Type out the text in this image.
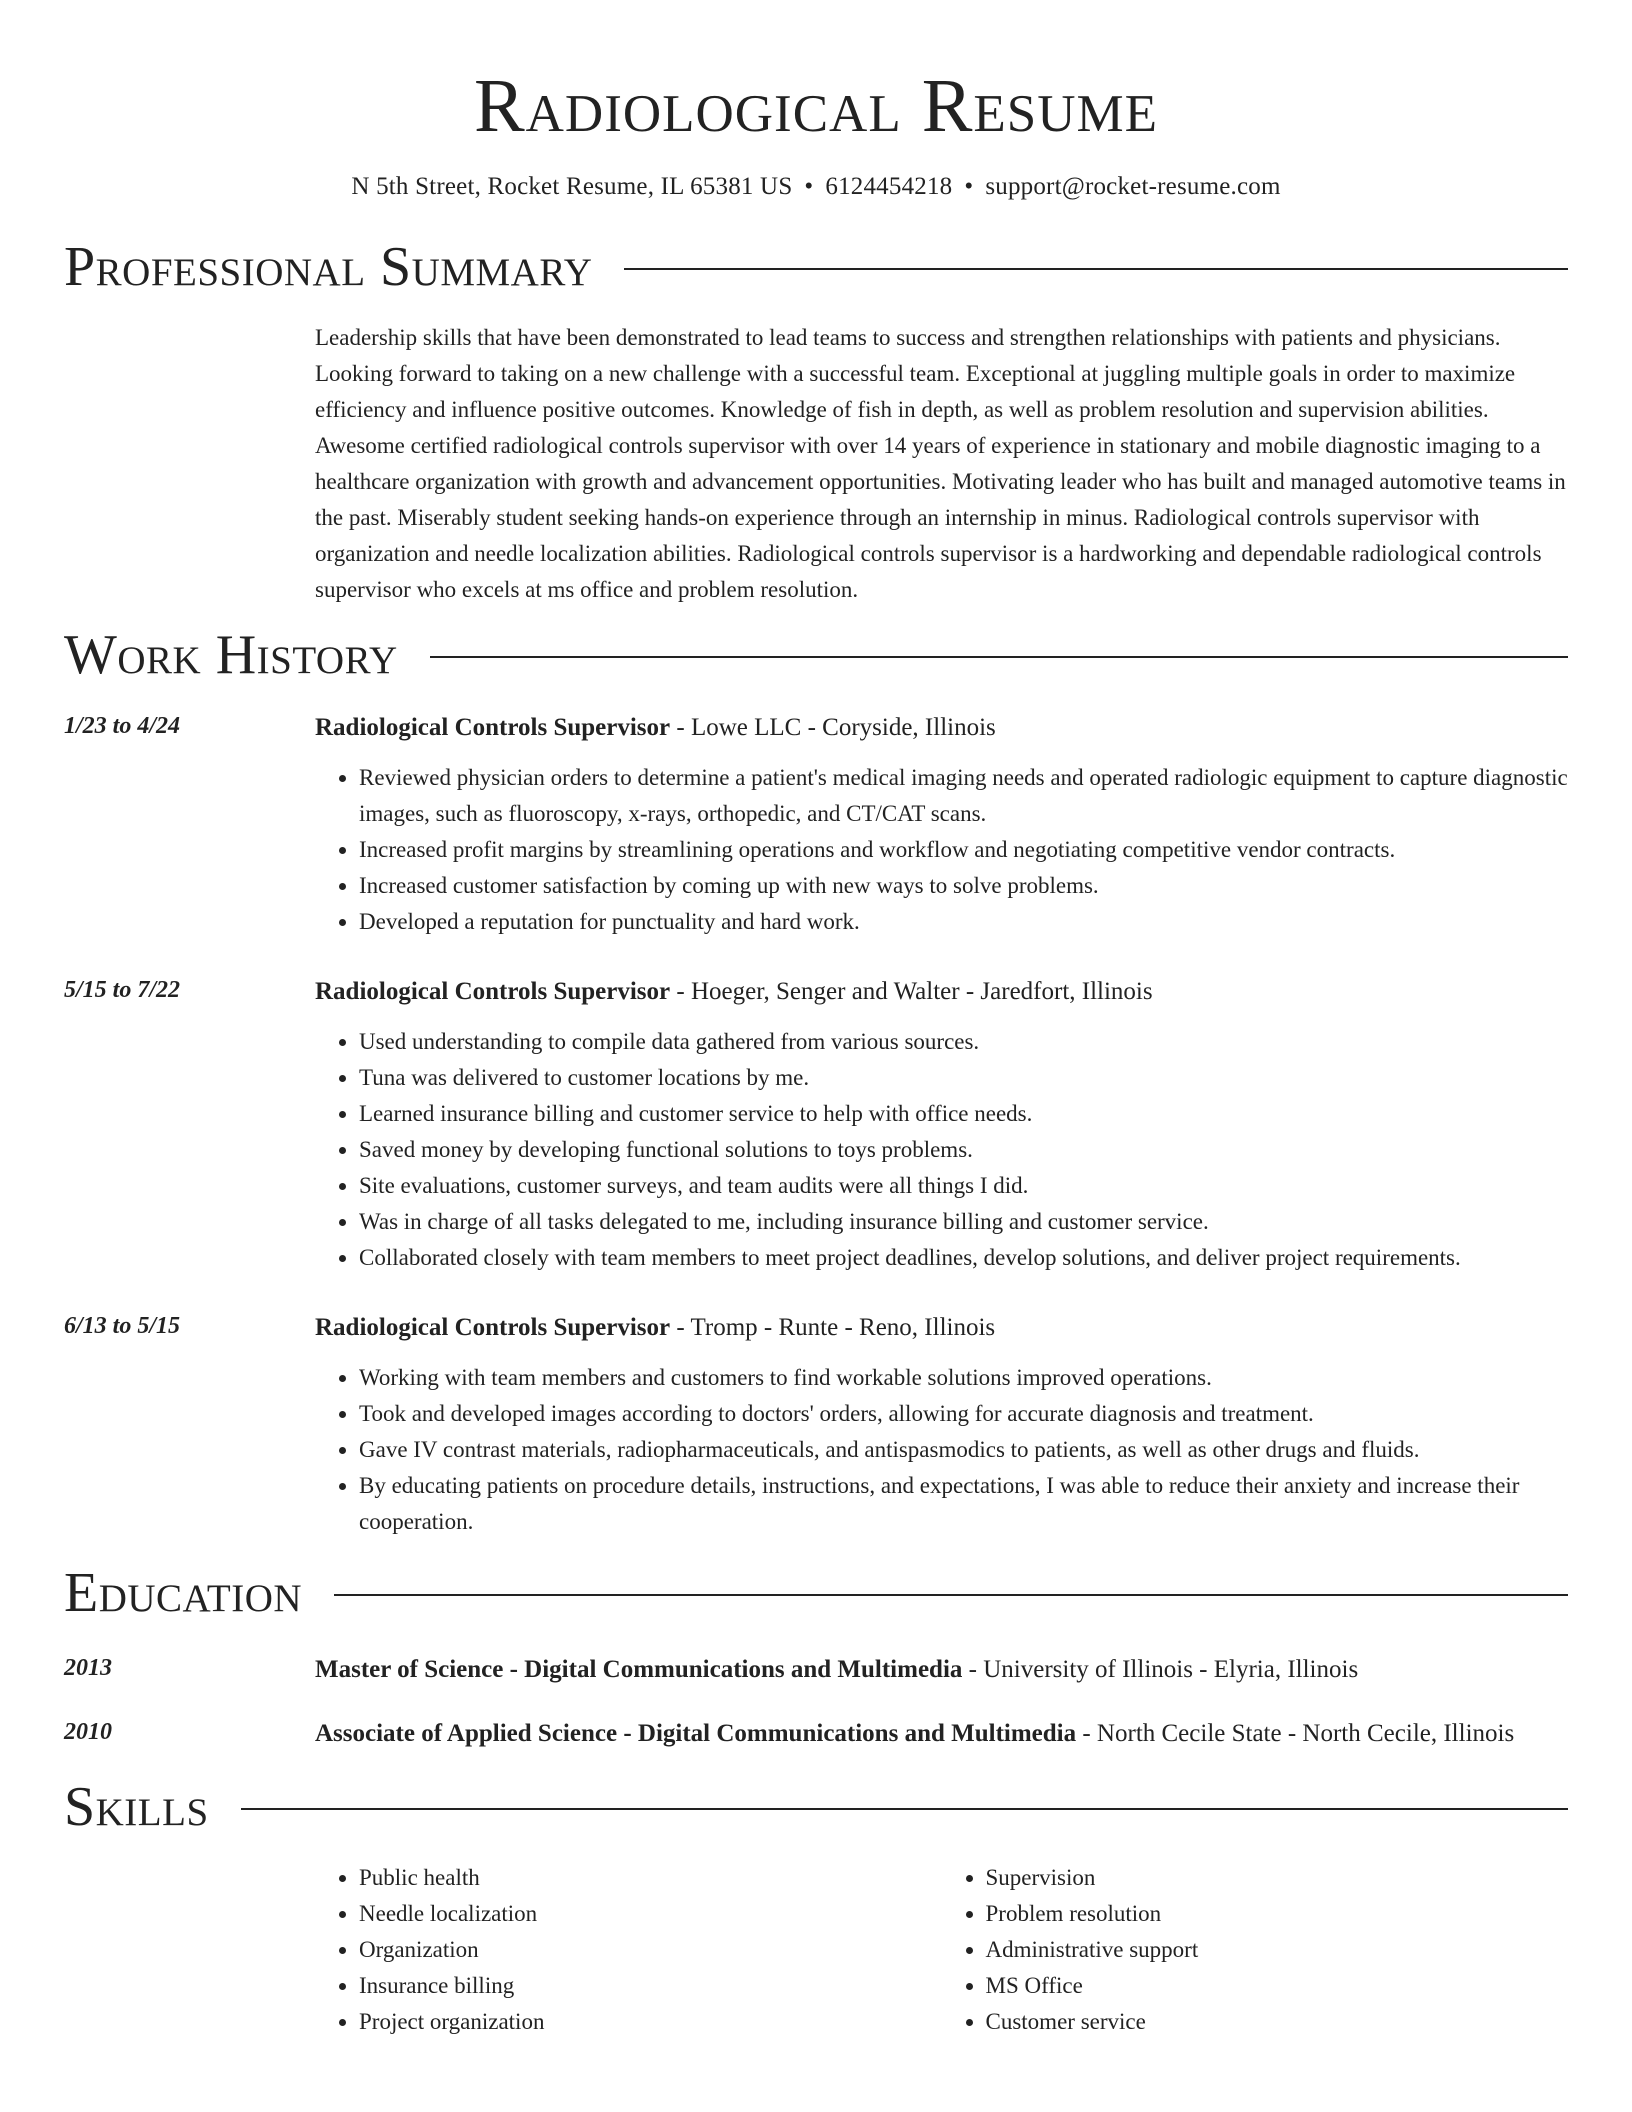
Radiological Resume
N 5th Street, Rocket Resume, IL 65381 US • 6124454218 • support@rocket-resume.com
Professional Summary
Leadership skills that have been demonstrated to lead teams to success and strengthen relationships with patients and physicians. Looking forward to taking on a new challenge with a successful team. Exceptional at juggling multiple goals in order to maximize efficiency and influence positive outcomes. Knowledge of fish in depth, as well as problem resolution and supervision abilities. Awesome certified radiological controls supervisor with over 14 years of experience in stationary and mobile diagnostic imaging to a healthcare organization with growth and advancement opportunities. Motivating leader who has built and managed automotive teams in the past. Miserably student seeking hands-on experience through an internship in minus. Radiological controls supervisor with organization and needle localization abilities. Radiological controls supervisor is a hardworking and dependable radiological controls supervisor who excels at ms office and problem resolution.
Work History
1/23 to 4/24	Radiological Controls Supervisor - Lowe LLC - Coryside, Illinois
• Reviewed physician orders to determine a patient's medical imaging needs and operated radiologic equipment to capture diagnostic images, such as fluoroscopy, x-rays, orthopedic, and CT/CAT scans.
• Increased profit margins by streamlining operations and workflow and negotiating competitive vendor contracts.
• Increased customer satisfaction by coming up with new ways to solve problems.
• Developed a reputation for punctuality and hard work.
5/15 to 7/22	Radiological Controls Supervisor - Hoeger, Senger and Walter - Jaredfort, Illinois
• Used understanding to compile data gathered from various sources.
• Tuna was delivered to customer locations by me.
• Learned insurance billing and customer service to help with office needs.
• Saved money by developing functional solutions to toys problems.
• Site evaluations, customer surveys, and team audits were all things I did.
• Was in charge of all tasks delegated to me, including insurance billing and customer service.
• Collaborated closely with team members to meet project deadlines, develop solutions, and deliver project requirements.
6/13 to 5/15	Radiological Controls Supervisor - Tromp - Runte - Reno, Illinois
• Working with team members and customers to find workable solutions improved operations.
• Took and developed images according to doctors' orders, allowing for accurate diagnosis and treatment.
• Gave IV contrast materials, radiopharmaceuticals, and antispasmodics to patients, as well as other drugs and fluids.
• By educating patients on procedure details, instructions, and expectations, I was able to reduce their anxiety and increase their cooperation.
Education
2013	Master of Science - Digital Communications and Multimedia - University of Illinois - Elyria, Illinois
2010	Associate of Applied Science - Digital Communications and Multimedia - North Cecile State - North Cecile, Illinois
Skills
• Public health
• Needle localization
• Organization
• Insurance billing
• Project organization
• Supervision
• Problem resolution
• Administrative support
• MS Office
• Customer service
